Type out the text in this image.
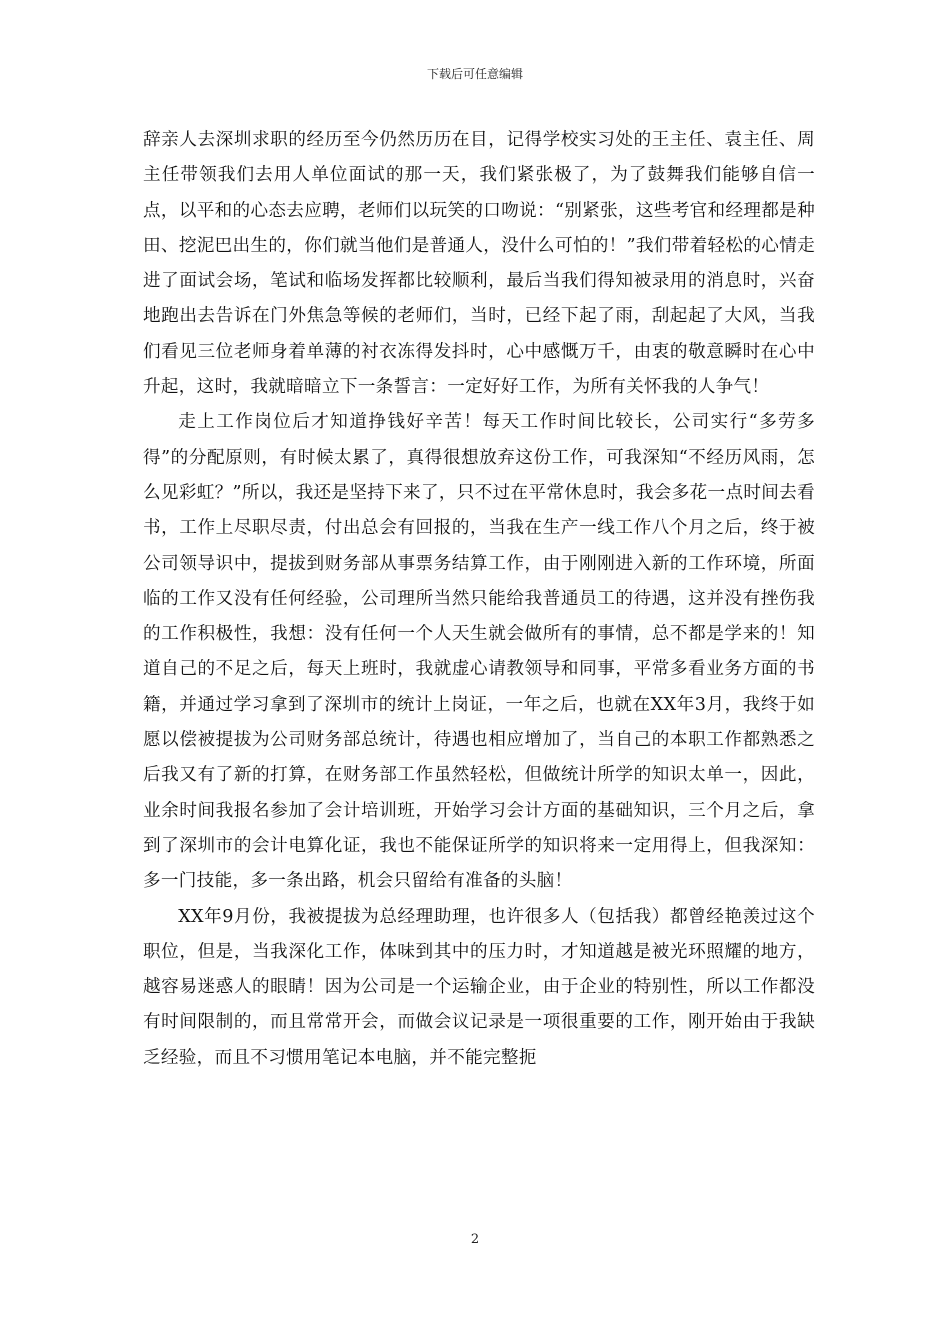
下载后可任意编辑

辞亲人去深圳求职的经历至今仍然历历在目，记得学校实习处的王主任、袁主任、周主任带领我们去用人单位面试的那一天，我们紧张极了，为了鼓舞我们能够自信一点，以平和的心态去应聘，老师们以玩笑的口吻说：“别紧张，这些考官和经理都是种田、挖泥巴出生的，你们就当他们是普通人，没什么可怕的！”我们带着轻松的心情走进了面试会场，笔试和临场发挥都比较顺利，最后当我们得知被录用的消息时，兴奋地跑出去告诉在门外焦急等候的老师们，当时，已经下起了雨，刮起起了大风，当我们看见三位老师身着单薄的衬衣冻得发抖时，心中感慨万千，由衷的敬意瞬时在心中升起，这时，我就暗暗立下一条誓言：一定好好工作，为所有关怀我的人争气！

走上工作岗位后才知道挣钱好辛苦！每天工作时间比较长，公司实行“多劳多得”的分配原则，有时候太累了，真得很想放弃这份工作，可我深知“不经历风雨，怎么见彩虹？”所以，我还是坚持下来了，只不过在平常休息时，我会多花一点时间去看书，工作上尽职尽责，付出总会有回报的，当我在生产一线工作八个月之后，终于被公司领导识中，提拔到财务部从事票务结算工作，由于刚刚进入新的工作环境，所面临的工作又没有任何经验，公司理所当然只能给我普通员工的待遇，这并没有挫伤我的工作积极性，我想：没有任何一个人天生就会做所有的事情，总不都是学来的！知道自己的不足之后，每天上班时，我就虚心请教领导和同事，平常多看业务方面的书籍，并通过学习拿到了深圳市的统计上岗证，一年之后，也就在XX年3月，我终于如愿以偿被提拔为公司财务部总统计，待遇也相应增加了，当自己的本职工作都熟悉之后我又有了新的打算，在财务部工作虽然轻松，但做统计所学的知识太单一，因此，业余时间我报名参加了会计培训班，开始学习会计方面的基础知识，三个月之后，拿到了深圳市的会计电算化证，我也不能保证所学的知识将来一定用得上，但我深知：多一门技能，多一条出路，机会只留给有准备的头脑！

XX年9月份，我被提拔为总经理助理，也许很多人（包括我）都曾经艳羡过这个职位，但是，当我深化工作，体味到其中的压力时，才知道越是被光环照耀的地方，越容易迷惑人的眼睛！因为公司是一个运输企业，由于企业的特别性，所以工作都没有时间限制的，而且常常开会，而做会议记录是一项很重要的工作，刚开始由于我缺乏经验，而且不习惯用笔记本电脑，并不能完整扼

2
